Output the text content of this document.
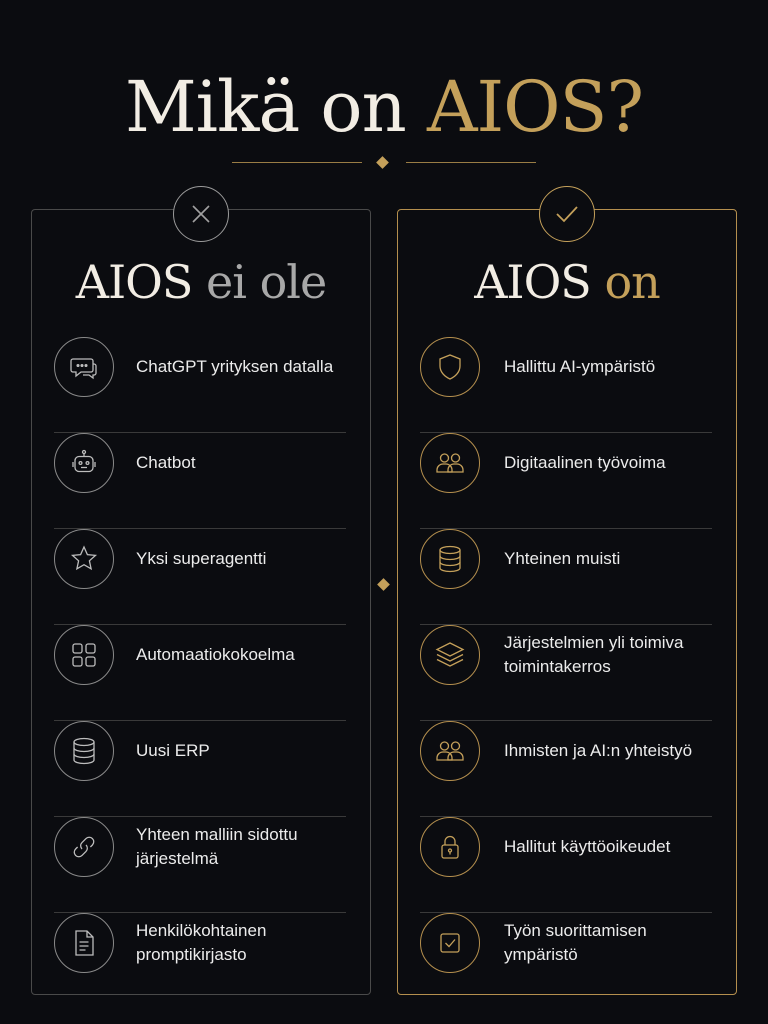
Mikä on AIOS?
AIOS ei ole
ChatGPT yrityksen datalla
Chatbot
Yksi superagentti
Automaatiokokoelma
Uusi ERP
Yhteen malliin sidottu järjestelmä
Henkilökohtainen promptikirjasto
AIOS on
Hallittu AI-ympäristö
Digitaalinen työvoima
Yhteinen muisti
Järjestelmien yli toimiva toimintakerros
Ihmisten ja AI:n yhteistyö
Hallitut käyttöoikeudet
Työn suorittamisen ympäristö
